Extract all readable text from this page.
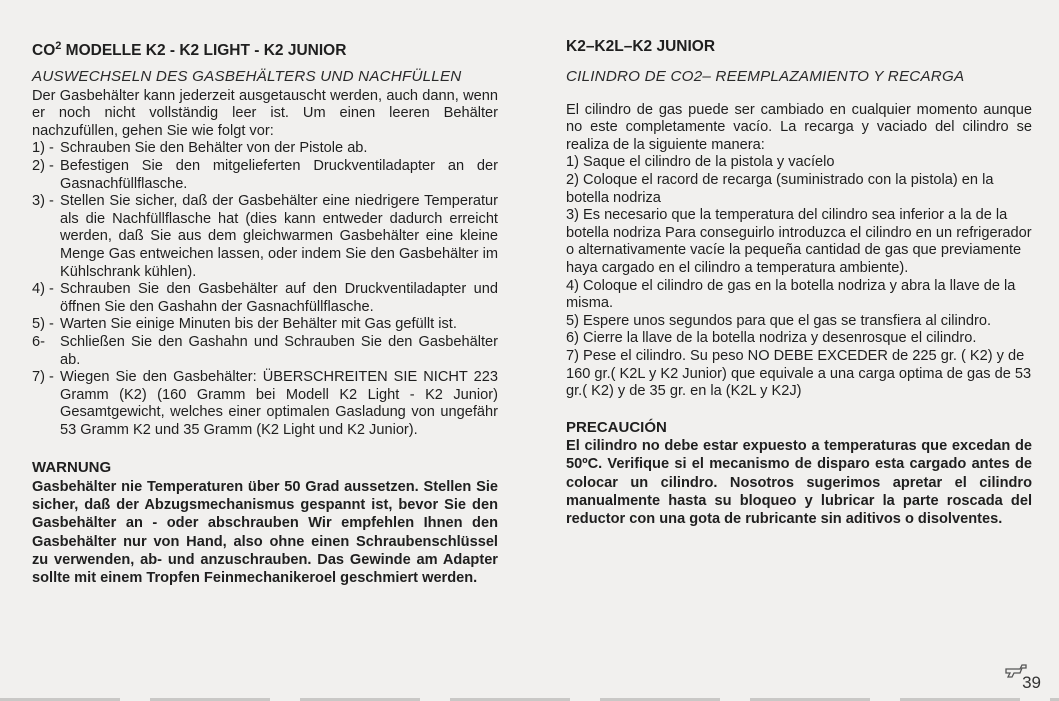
$CO^2$ MODELLE K2 - K2 LIGHT - K2 JUNIOR
AUSWECHSELN DES GASBEHÄLTERS UND NACHFÜLLEN

Der Gasbehälter kann jederzeit ausgetauscht werden, auch dann, wenn er noch nicht vollständig leer ist. Um einen leeren Behälter nachzufüllen, gehen Sie wie folgt vor:

1) - Schrauben Sie den Behälter von der Pistole ab.
2) - Befestigen Sie den mitgelieferten Druckventiladapter an der Gasnachfüllflasche.
3) - Stellen Sie sicher, daß der Gasbehälter eine niedrigere Temperatur als die Nachfüllflasche hat (dies kann entweder dadurch erreicht werden, daß Sie aus dem gleichwarmen Gasbehälter eine kleine Menge Gas entweichen lassen, oder indem Sie den Gasbehälter im Kühlschrank kühlen).
4) - Schrauben Sie den Gasbehälter auf den Druckventiladapter und öffnen Sie den Gashahn der Gasnachfüllflasche.
5) - Warten Sie einige Minuten bis der Behälter mit Gas gefüllt ist.
6- Schließen Sie den Gashahn und Schrauben Sie den Gasbehälter ab.
7) - Wiegen Sie den Gasbehälter: ÜBERSCHREITEN SIE NICHT 223 Gramm (K2) (160 Gramm bei Modell K2 Light - K2 Junior) Gesamtgewicht, welches einer optimalen Gasladung von ungefähr 53 Gramm K2 und 35 Gramm (K2 Light und K2 Junior).
WARNUNG
Gasbehälter nie Temperaturen über 50 Grad aussetzen. Stellen Sie sicher, daß der Abzugsmechanismus gespannt ist, bevor Sie den Gasbehälter an - oder abschrauben Wir empfehlen Ihnen den Gasbehälter nur von Hand, also ohne einen Schraubenschlüssel zu verwenden, ab- und anzuschrauben. Das Gewinde am Adapter sollte mit einem Tropfen Feinmechanikeroel geschmiert werden.
K2–K2L–K2 JUNIOR
CILINDRO DE CO2– REEMPLAZAMIENTO Y RECARGA

El cilindro de gas puede ser cambiado en cualquier momento aunque no este completamente vacío. La recarga y vaciado del cilindro se realiza de la siguiente manera:

1) Saque el cilindro de la pistola y vacíelo
2) Coloque el racord de recarga (suministrado con la pistola) en la botella nodriza
3) Es necesario que la temperatura del cilindro sea inferior a la de la botella nodriza Para conseguirlo introduzca el cilindro en un refrigerador o alternativamente vacíe la pequeña cantidad de gas que previamente haya cargado en el cilindro a temperatura ambiente).
4) Coloque el cilindro de gas en la botella nodriza y abra la llave de la misma.
5) Espere unos segundos para que el gas se transfiera al cilindro.
6) Cierre la llave de la botella nodriza y desenrosque el cilindro.
7) Pese el cilindro. Su peso NO DEBE EXCEDER de 225 gr. ( K2) y de 160 gr.( K2L y K2 Junior) que equivale a una carga optima de gas de 53 gr.( K2) y de 35 gr. en la (K2L y K2J)
PRECAUCIÓN
El cilindro no debe estar expuesto a temperaturas que excedan de 50ºC. Verifique si el mecanismo de disparo esta cargado antes de colocar un cilindro. Nosotros sugerimos apretar el cilindro manualmente hasta su bloqueo y lubricar la parte roscada del reductor con una gota de rubricante sin aditivos o disolventes.
39
